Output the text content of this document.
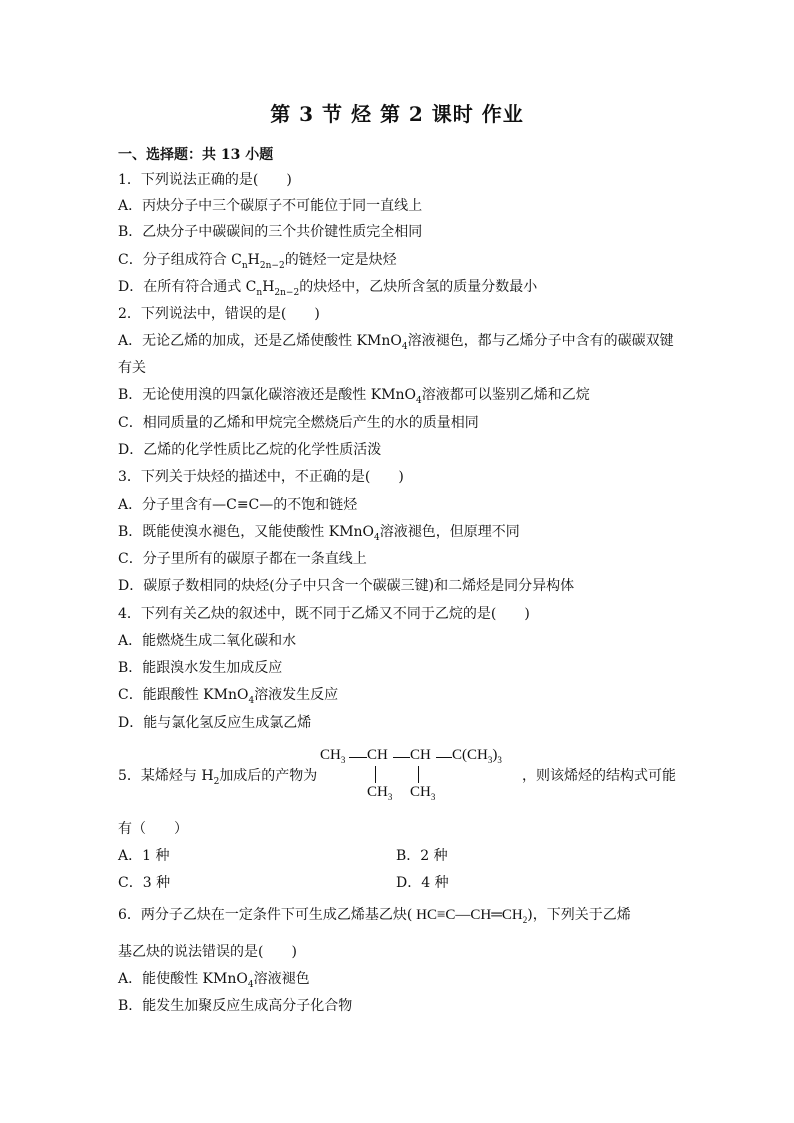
第 3 节 烃 第 2 课时 作业
一、选择题：共 13 小题
1．下列说法正确的是(　　)
A．丙炔分子中三个碳原子不可能位于同一直线上
B．乙炔分子中碳碳间的三个共价键性质完全相同
C．分子组成符合 $C_nH_{2n-2}$的链烃一定是炔烃
D．在所有符合通式 $C_nH_{2n-2}$的炔烃中，乙炔所含氢的质量分数最小
2．下列说法中，错误的是(　　)
A．无论乙烯的加成，还是乙烯使酸性 KMnO$_4$溶液褪色，都与乙烯分子中含有的碳碳双键
有关
B．无论使用溴的四氯化碳溶液还是酸性 KMnO$_4$溶液都可以鉴别乙烯和乙烷
C．相同质量的乙烯和甲烷完全燃烧后产生的水的质量相同
D．乙烯的化学性质比乙烷的化学性质活泼
3．下列关于炔烃的描述中，不正确的是(　　)
A．分子里含有—C≡C—的不饱和链烃
B．既能使溴水褪色，又能使酸性 KMnO$_4$溶液褪色，但原理不同
C．分子里所有的碳原子都在一条直线上
D．碳原子数相同的炔烃(分子中只含一个碳碳三键)和二烯烃是同分异构体
4．下列有关乙炔的叙述中，既不同于乙烯又不同于乙烷的是(　　)
A．能燃烧生成二氧化碳和水
B．能跟溴水发生加成反应
C．能跟酸性 KMnO$_4$溶液发生反应
D．能与氯化氢反应生成氯乙烯
5．某烯烃与 $H_2$加成后的产物为
$CH_3$ CH CH $C(CH_3)_3$
$CH_3$ $CH_3$
，则该烯烃的结构式可能
有（　　）
A．1 种	B．2 种
C．3 种	D．4 种
6．两分子乙炔在一定条件下可生成乙烯基乙炔( $HC\equiv C—CH═CH_2$)，下列关于乙烯
基乙炔的说法错误的是(　　)
A．能使酸性 KMnO$_4$溶液褪色
B．能发生加聚反应生成高分子化合物
